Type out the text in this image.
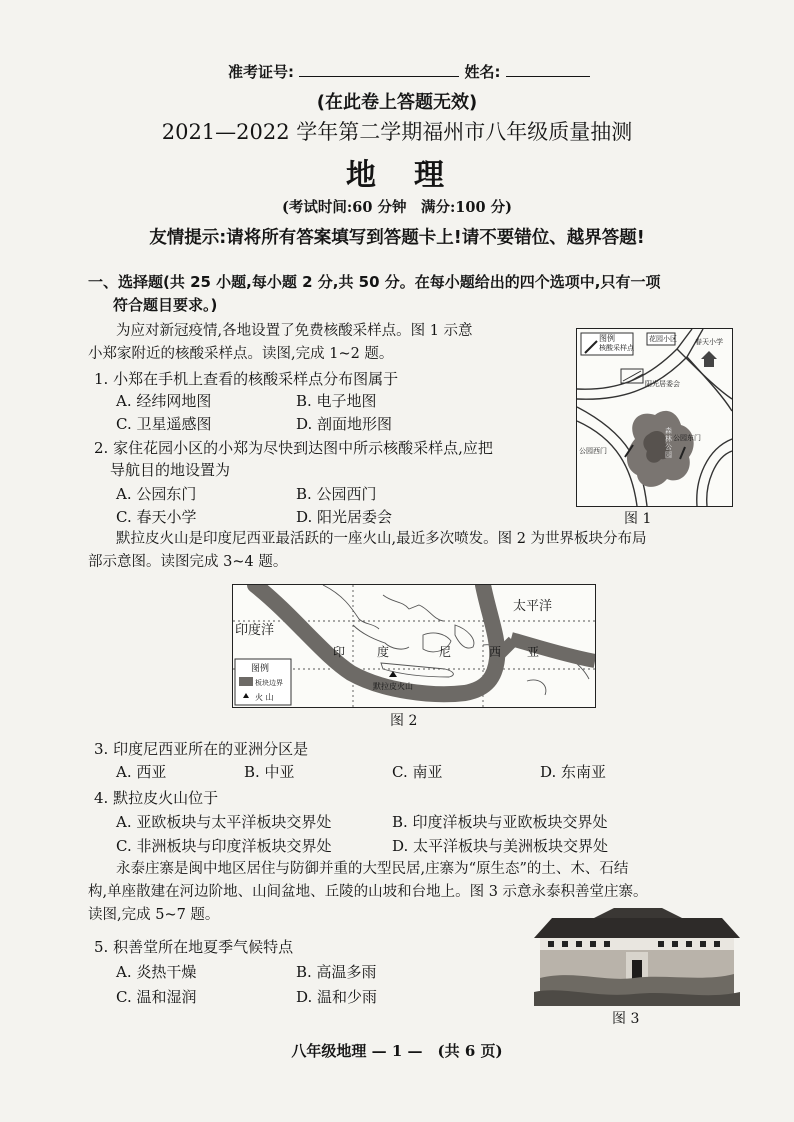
准考证号:	姓名:
(在此卷上答题无效)
2021—2022 学年第二学期福州市八年级质量抽测
地　理
(考试时间:60 分钟　满分:100 分)
友情提示:请将所有答案填写到答题卡上!请不要错位、越界答题!
一、选择题(共 25 小题,每小题 2 分,共 50 分。在每小题给出的四个选项中,只有一项
符合题目要求。)
为应对新冠疫情,各地设置了免费核酸采样点。图 1 示意
小郑家附近的核酸采样点。读图,完成 1~2 题。
1. 小郑在手机上查看的核酸采样点分布图属于
A. 经纬网地图	B. 电子地图
C. 卫星遥感图	D. 剖面地形图
2. 家住花园小区的小郑为尽快到达图中所示核酸采样点,应把
导航目的地设置为
A. 公园东门	B. 公园西门
C. 春天小学	D. 阳光居委会
图例
核酸采样点
花园小区	春天小学
阳光居委会
公园东门
公园西门
森林公园
图 1
默拉皮火山是印度尼西亚最活跃的一座火山,最近多次喷发。图 2 为世界板块分布局
部示意图。读图完成 3~4 题。
印度洋
太平洋
印	度	尼	西 亚
默拉皮火山
图例
板块边界
火 山
图 2
3. 印度尼西亚所在的亚洲分区是
A. 西亚	B. 中亚	C. 南亚	D. 东南亚
4. 默拉皮火山位于
A. 亚欧板块与太平洋板块交界处	B. 印度洋板块与亚欧板块交界处
C. 非洲板块与印度洋板块交界处	D. 太平洋板块与美洲板块交界处
永泰庄寨是闽中地区居住与防御并重的大型民居,庄寨为“原生态”的土、木、石结
构,单座散建在河边阶地、山间盆地、丘陵的山坡和台地上。图 3 示意永泰积善堂庄寨。
读图,完成 5~7 题。
5. 积善堂所在地夏季气候特点
A. 炎热干燥	B. 高温多雨
C. 温和湿润	D. 温和少雨
图 3
八年级地理 — 1 —　(共 6 页)
